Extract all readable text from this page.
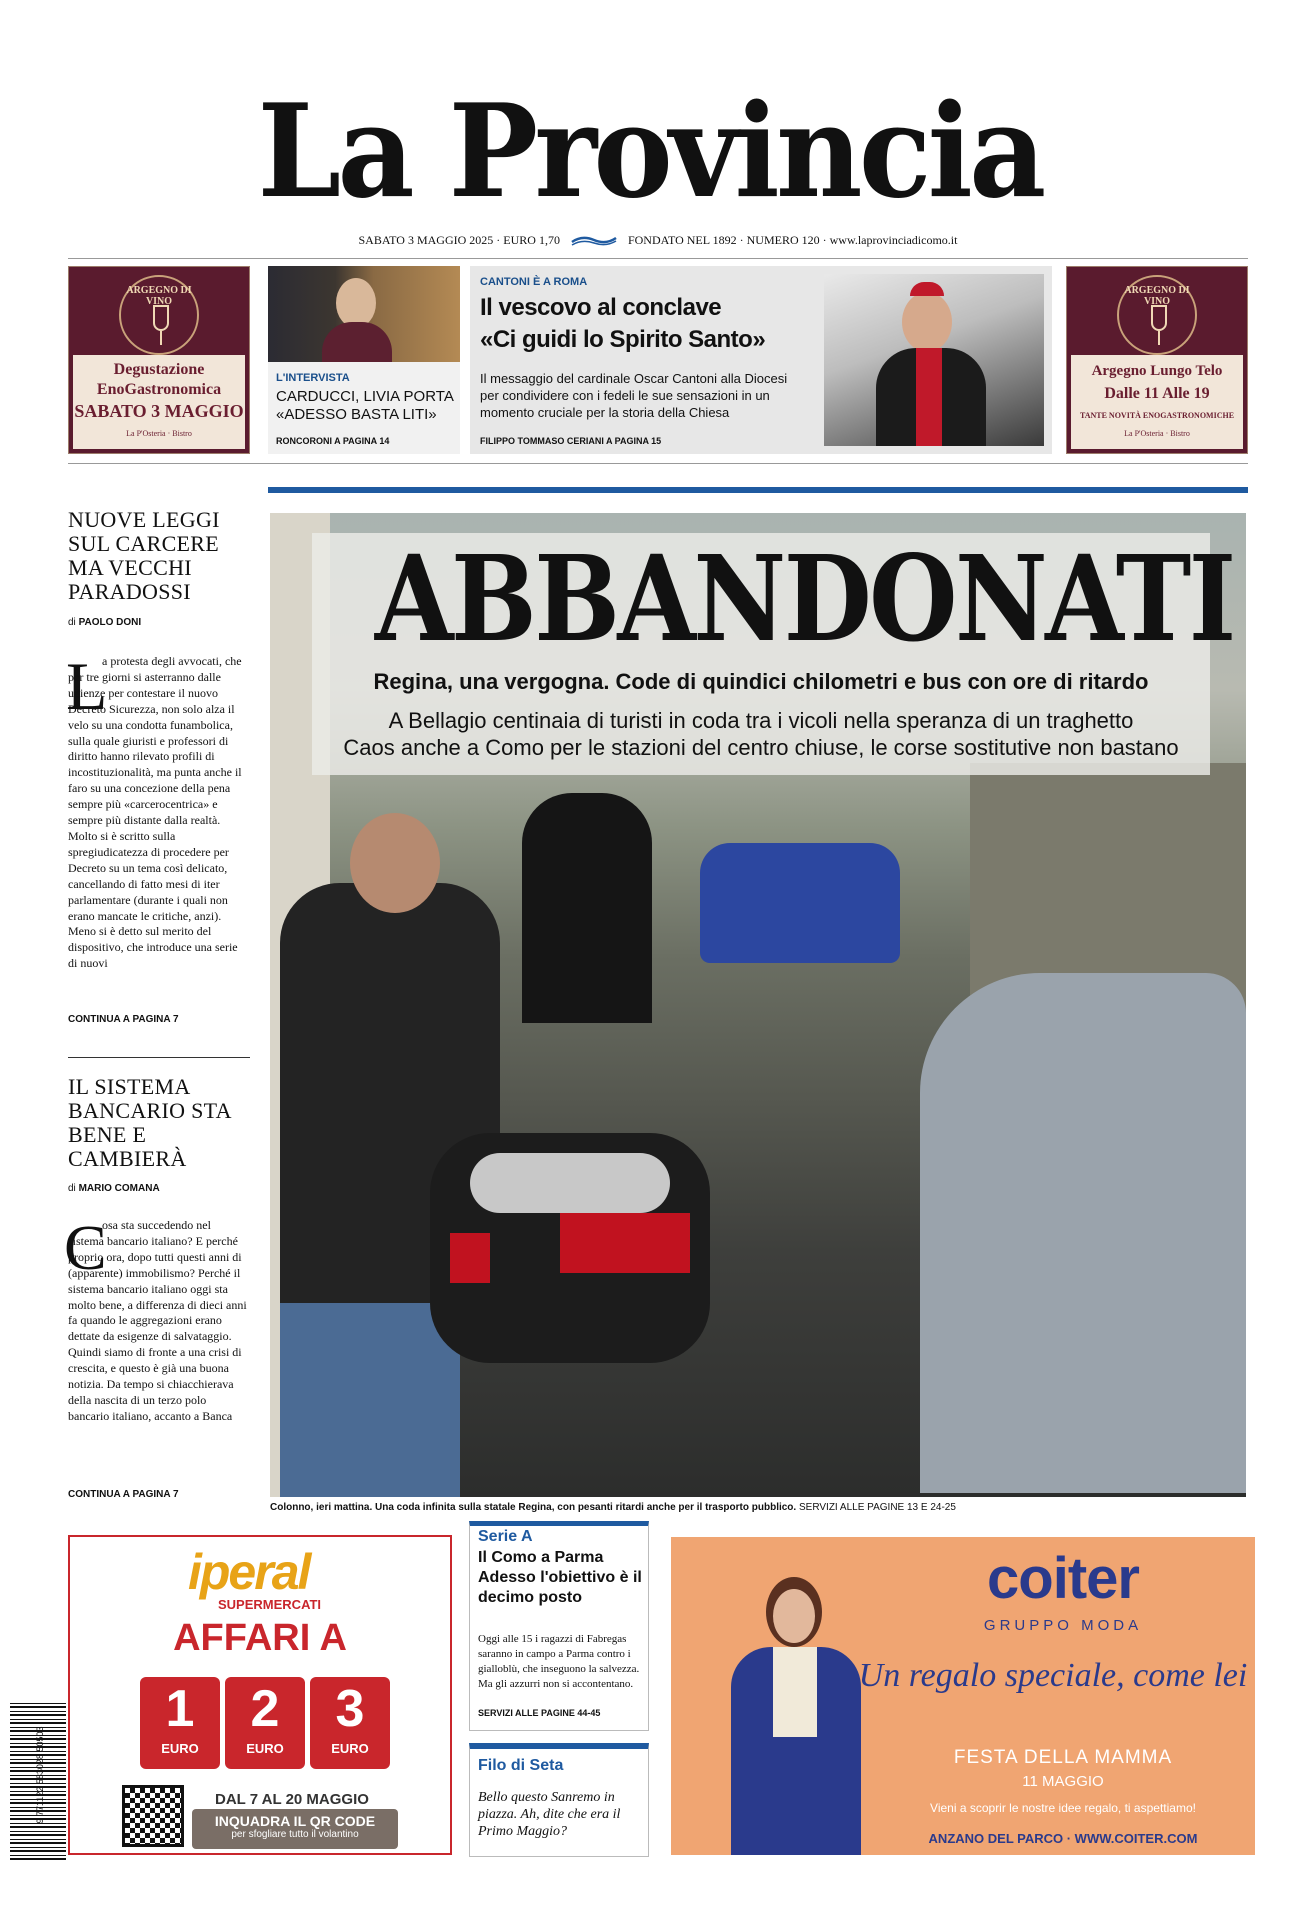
La Provincia
SABATO 3 MAGGIO 2025 · EURO 1,70	FONDATO NEL 1892 · NUMERO 120 · www.laprovinciadicomo.it
ARGEGNO DI VINO
Degustazione
EnoGastronomica
SABATO 3 MAGGIO
La P'Osteria · Bistro
L'INTERVISTA
CARDUCCI, LIVIA PORTA «ADESSO BASTA LITI»
RONCORONI A PAGINA 14
CANTONI È A ROMA
Il vescovo al conclave
«Ci guidi lo Spirito Santo»
Il messaggio del cardinale Oscar Cantoni alla Diocesi per condividere con i fedeli le sue sensazioni in un momento cruciale per la storia della Chiesa
FILIPPO TOMMASO CERIANI A PAGINA 15
ARGEGNO DI VINO
Argegno Lungo Telo
Dalle 11 Alle 19
TANTE NOVITÀ ENOGASTRONOMICHE
La P'Osteria · Bistro
NUOVE LEGGI SUL CARCERE MA VECCHI PARADOSSI
di PAOLO DONI
L
a protesta degli avvocati, che per tre giorni si asterranno dalle udienze per contestare il nuovo Decreto Sicurezza, non solo alza il velo su una condotta funambolica, sulla quale giuristi e professori di diritto hanno rilevato profili di incostituzionalità, ma punta anche il faro su una concezione della pena sempre più «carcerocentrica» e sempre più distante dalla realtà. Molto si è scritto sulla spregiudicatezza di procedere per Decreto su un tema così delicato, cancellando di fatto mesi di iter parlamentare (durante i quali non erano mancate le critiche, anzi). Meno si è detto sul merito del dispositivo, che introduce una serie di nuovi
CONTINUA A PAGINA 7
IL SISTEMA BANCARIO STA BENE E CAMBIERÀ
di MARIO COMANA
C
osa sta succedendo nel sistema bancario italiano? E perché proprio ora, dopo tutti questi anni di (apparente) immobilismo? Perché il sistema bancario italiano oggi sta molto bene, a differenza di dieci anni fa quando le aggregazioni erano dettate da esigenze di salvataggio. Quindi siamo di fronte a una crisi di crescita, e questo è già una buona notizia. Da tempo si chiacchierava della nascita di un terzo polo bancario italiano, accanto a Banca
CONTINUA A PAGINA 7
ABBANDONATI
Regina, una vergogna. Code di quindici chilometri e bus con ore di ritardo
A Bellagio centinaia di turisti in coda tra i vicoli nella speranza di un traghetto
Caos anche a Como per le stazioni del centro chiuse, le corse sostitutive non bastano
Colonno, ieri mattina. Una coda infinita sulla statale Regina, con pesanti ritardi anche per il trasporto pubblico. SERVIZI ALLE PAGINE 13 E 24-25
9 771122 583028 50503
iperal
SUPERMERCATI
AFFARI A
1
EURO
2
EURO
3
EURO
DAL 7 AL 20 MAGGIO
INQUADRA IL QR CODE
per sfogliare tutto il volantino
Serie A
Il Como a Parma Adesso l'obiettivo è il decimo posto
Oggi alle 15 i ragazzi di Fabregas saranno in campo a Parma contro i gialloblù, che inseguono la salvezza. Ma gli azzurri non si accontentano.
SERVIZI ALLE PAGINE 44-45
Filo di Seta
Bello questo Sanremo in piazza. Ah, dite che era il Primo Maggio?
coiter
GRUPPO MODA
Un regalo speciale, come lei
FESTA DELLA MAMMA
11 MAGGIO
Vieni a scoprir le nostre idee regalo, ti aspettiamo!
ANZANO DEL PARCO · WWW.COITER.COM
